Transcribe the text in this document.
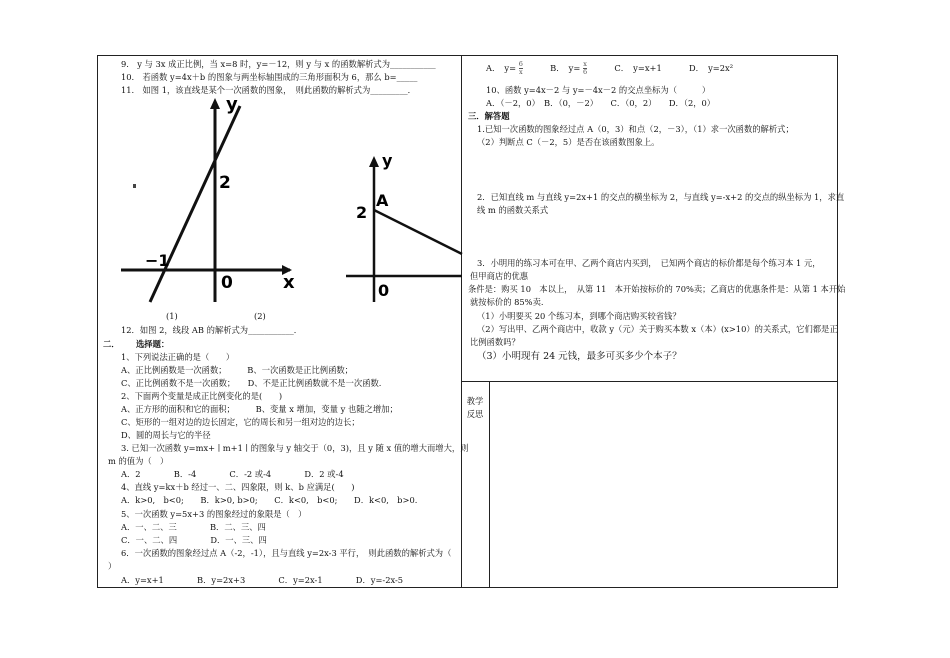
9.　y 与 3x 成正比例，当 x=8 时，y=－12，则 y 与 x 的函数解析式为___________
10.　若函数 y=4x＋b 的图象与两坐标轴围成的三角形面积为 6，那么 b=_____
11.　如图 1，该直线是某个一次函数的图象，　则此函数的解析式为_________．
y
x
2
−1
0
(1)
y
A
2
0
(2)
12．如图 2，线段 AB 的解析式为___________．
二． 选择题：
1、下列说法正确的是（　　）
A、正比例函数是一次函数；　　　B、一次函数是正比例函数；
C、正比例函数不是一次函数；　　D、不是正比例函数就不是一次函数.
2、下面两个变量是成正比例变化的是(　　)
A、正方形的面积和它的面积；　　　B、变量 x 增加，变量 y 也随之增加；
C、矩形的一组对边的边长固定，它的周长和另一组对边的边长；
D、圆的周长与它的半径
3. 已知一次函数 y=mx+ ∣ m+1 ∣ 的图象与 y 轴交于（0，3)，且 y 随 x 值的增大而增大，则
m 的值为（　）
A．2　　　　B．-4　　　　C．-2 或-4　　　　D．2 或-4
4、直线 y=kx＋b 经过一、二、四象限，则 k、b 应满足(　　)
A．k>0,　b<0;　　B．k>0, b>0;　　C．k<0,　b<0;　　D．k<0,　b>0.
5、一次函数 y=5x+3 的图象经过的象限是（　）
A．一、二、三　　　　B．二、三、四
C．一、二、四　　　　D．一、三、四
6．一次函数的图象经过点 A（-2，-1），且与直线 y=2x-3 平行，　则此函数的解析式为（
）
A．y=x+1　　　　B．y=2x+3　　　　C．y=2x-1　　　　D．y=-2x-5
A．　$y= \frac{6}{x}$	B．　$y= \frac{x}{6}$	C．　y=x+1	D．　y=2x²
10、函数 y=4x－2 与 y=－4x－2 的交点坐标为（　　　）
A．（－2，0）　B．（0，－2）　　C．（0，2）　　D．（2，0）
三．解答题
1.已知一次函数的图象经过点 A（0，3）和点（2，－3），（1）求一次函数的解析式；
（2）判断点 C（－2，5）是否在该函数图象上。
2．已知直线 m 与直线 y=2x+1 的交点的横坐标为 2，与直线 y=-x+2 的交点的纵坐标为 1，求直
线 m 的函数关系式
3．小明用的练习本可在甲、乙两个商店内买到，　已知两个商店的标价都是每个练习本 1 元，
但甲商店的优惠
条件是：购买 10　本以上，　从第 11　本开始按标价的 70%卖；乙商店的优惠条件是：从第 1 本开始
就按标价的 85%卖.
（1）小明要买 20 个练习本，到哪个商店购买较省钱？
（2）写出甲、乙两个商店中，收款 y（元）关于购买本数 x（本）(x>10）的关系式，它们都是正
比例函数吗？
（3）小明现有 24 元钱，最多可买多少个本子？
教学反思
